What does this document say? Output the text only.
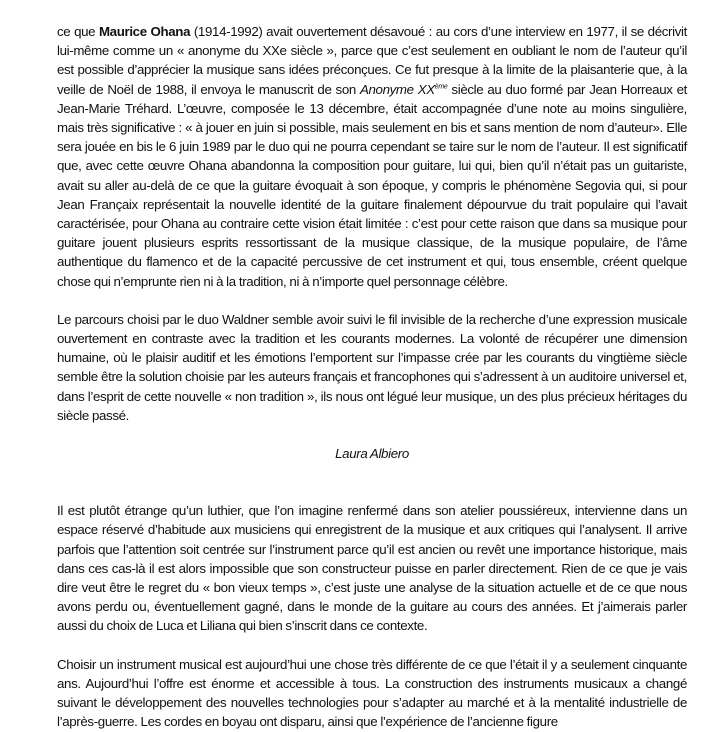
ce que Maurice Ohana (1914-1992) avait ouvertement désavoué : au cors d’une interview en 1977, il se décrivit lui-même comme un « anonyme du XXe siècle », parce que c’est seulement en oubliant le nom de l’auteur qu’il est possible d’apprécier la musique sans idées préconçues. Ce fut presque à la limite de la plaisanterie que, à la veille de Noël de 1988, il envoya le manuscrit de son Anonyme XXème siècle au duo formé par Jean Horreaux et Jean-Marie Tréhard. L’œuvre, composée le 13 décembre, était accompagnée d’une note au moins singulière, mais très significative : « à jouer en juin si possible, mais seulement en bis et sans mention de nom d’auteur». Elle sera jouée en bis le 6 juin 1989 par le duo qui ne pourra cependant se taire sur le nom de l’auteur. Il est significatif que, avec cette œuvre Ohana abandonna la composition pour guitare, lui qui, bien qu’il n’était pas un guitariste, avait su aller au-delà de ce que la guitare évoquait à son époque, y compris le phénomène Segovia qui, si pour Jean Françaix représentait la nouvelle identité de la guitare finalement dépourvue du trait populaire qui l’avait caractérisée, pour Ohana au contraire cette vision était limitée : c’est pour cette raison que dans sa musique pour guitare jouent plusieurs esprits ressortissant de la musique classique, de la musique populaire, de l’âme authentique du flamenco et de la capacité percussive de cet instrument et qui, tous ensemble, créent quelque chose qui n’emprunte rien ni à la tradition, ni à n’importe quel personnage célèbre.

Le parcours choisi par le duo Waldner semble avoir suivi le fil invisible de la recherche d’une expression musicale ouvertement en contraste avec la tradition et les courants modernes. La volonté de récupérer une dimension humaine, où le plaisir auditif et les émotions l’emportent sur l’impasse crée par les courants du vingtième siècle semble être la solution choisie par les auteurs français et francophones qui s’adressent à un auditoire universel et, dans l’esprit de cette nouvelle « non tradition », ils nous ont légué leur musique, un des plus précieux héritages du siècle passé.

Laura Albiero

Il est plutôt étrange qu’un luthier, que l’on imagine renfermé dans son atelier poussiéreux, intervienne dans un espace réservé d’habitude aux musiciens qui enregistrent de la musique et aux critiques qui l’analysent. Il arrive parfois que l’attention soit centrée sur l’instrument parce qu’il est ancien ou revêt une importance historique, mais dans ces cas-là il est alors impossible que son constructeur puisse en parler directement. Rien de ce que je vais dire veut être le regret du « bon vieux temps », c’est juste une analyse de la situation actuelle et de ce que nous avons perdu ou, éventuellement gagné, dans le monde de la guitare au cours des années. Et j’aimerais parler aussi du choix de Luca et Liliana qui bien s’inscrit dans ce contexte.

Choisir un instrument musical est aujourd’hui une chose très différente de ce que l’était il y a seulement cinquante ans. Aujourd’hui l’offre est énorme et accessible à tous. La construction des instruments musicaux a changé suivant le développement des nouvelles technologies pour s’adapter au marché et à la mentalité industrielle de l’après-guerre. Les cordes en boyau ont disparu, ainsi que l’expérience de l’ancienne figure
